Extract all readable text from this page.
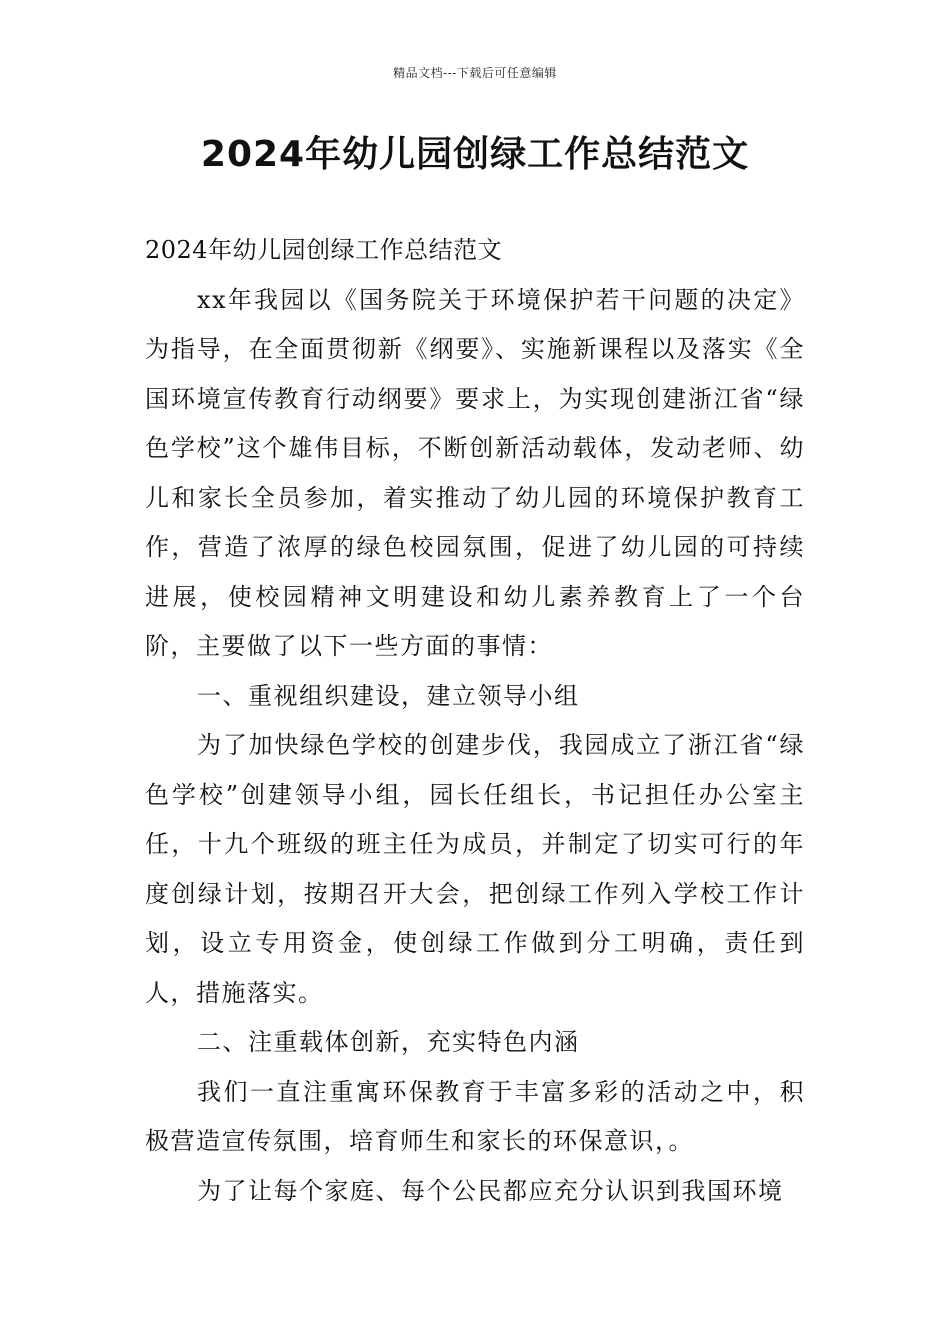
精品文档---下载后可任意编辑
2024年幼儿园创绿工作总结范文

2024年幼儿园创绿工作总结范文

xx年我园以《国务院关于环境保护若干问题的决定》为指导，在全面贯彻新《纲要》、实施新课程以及落实《全国环境宣传教育行动纲要》要求上，为实现创建浙江省“绿色学校”这个雄伟目标，不断创新活动载体，发动老师、幼儿和家长全员参加，着实推动了幼儿园的环境保护教育工作，营造了浓厚的绿色校园氛围，促进了幼儿园的可持续进展，使校园精神文明建设和幼儿素养教育上了一个台阶，主要做了以下一些方面的事情：

一、重视组织建设，建立领导小组

为了加快绿色学校的创建步伐，我园成立了浙江省“绿色学校”创建领导小组，园长任组长，书记担任办公室主任，十九个班级的班主任为成员，并制定了切实可行的年度创绿计划，按期召开大会，把创绿工作列入学校工作计划，设立专用资金，使创绿工作做到分工明确，责任到人，措施落实。

二、注重载体创新，充实特色内涵

我们一直注重寓环保教育于丰富多彩的活动之中，积极营造宣传氛围，培育师生和家长的环保意识，。

为了让每个家庭、每个公民都应充分认识到我国环境
